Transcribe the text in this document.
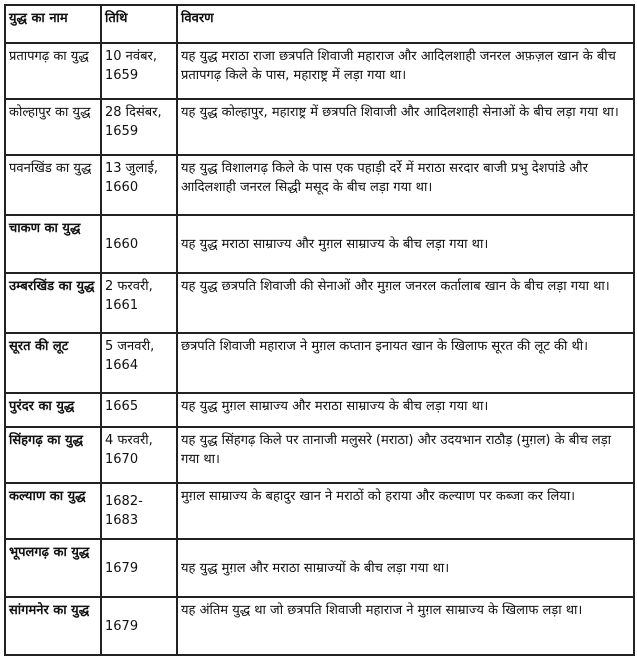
युद्ध का नाम	तिथि	विवरण
प्रतापगढ़ का युद्ध	10 नवंबर, 1659	यह युद्ध मराठा राजा छत्रपति शिवाजी महाराज और आदिलशाही जनरल अफ़ज़ल खान के बीच प्रतापगढ़ किले के पास, महाराष्ट्र में लड़ा गया था।
कोल्हापुर का युद्ध	28 दिसंबर, 1659	यह युद्ध कोल्हापुर, महाराष्ट्र में छत्रपति शिवाजी और आदिलशाही सेनाओं के बीच लड़ा गया था।
पवनखिंड का युद्ध	13 जुलाई, 1660	यह युद्ध विशालगढ़ किले के पास एक पहाड़ी दर्रे में मराठा सरदार बाजी प्रभु देशपांडे और आदिलशाही जनरल सिद्धी मसूद के बीच लड़ा गया था।
चाकण का युद्ध	1660	यह युद्ध मराठा साम्राज्य और मुग़ल साम्राज्य के बीच लड़ा गया था।
उम्बरखिंड का युद्ध	2 फरवरी, 1661	यह युद्ध छत्रपति शिवाजी की सेनाओं और मुग़ल जनरल कर्तालाब खान के बीच लड़ा गया था।
सूरत की लूट	5 जनवरी, 1664	छत्रपति शिवाजी महाराज ने मुग़ल कप्तान इनायत खान के खिलाफ सूरत की लूट की थी।
पुरंदर का युद्ध	1665	यह युद्ध मुग़ल साम्राज्य और मराठा साम्राज्य के बीच लड़ा गया था।
सिंहगढ़ का युद्ध	4 फरवरी, 1670	यह युद्ध सिंहगढ़ किले पर तानाजी मलुसरे (मराठा) और उदयभान राठौड़ (मुग़ल) के बीच लड़ा गया था।
कल्याण का युद्ध	1682-1683	मुग़ल साम्राज्य के बहादुर खान ने मराठों को हराया और कल्याण पर कब्जा कर लिया।
भूपलगढ़ का युद्ध	1679	यह युद्ध मुग़ल और मराठा साम्राज्यों के बीच लड़ा गया था।
सांगमनेर का युद्ध	1679	यह अंतिम युद्ध था जो छत्रपति शिवाजी महाराज ने मुग़ल साम्राज्य के खिलाफ लड़ा था।
